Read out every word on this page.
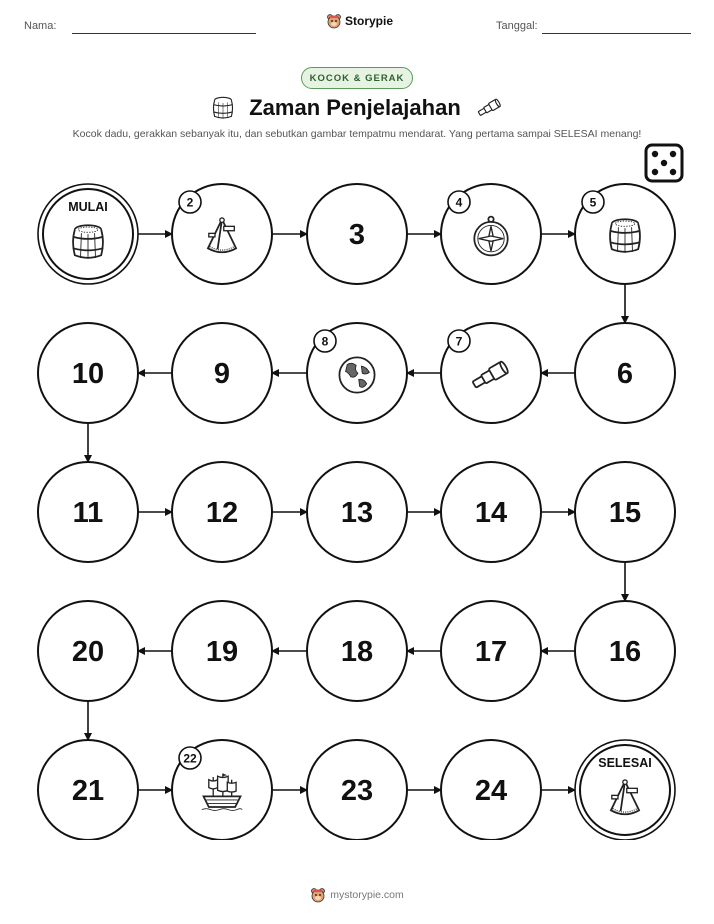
Nama:	Storypie	Tanggal:
KOCOK & GERAK
Zaman Penjelajahan
Kocok dadu, gerakkan sebanyak itu, dan sebutkan gambar tempatmu mendarat. Yang pertama sampai SELESAI menang!
MULAI	2
3
4	5
6
7
8
9
10
11	12	13	14	15
16
17
18
19
20
21
22
23	24
SELESAI
mystorypie.com
